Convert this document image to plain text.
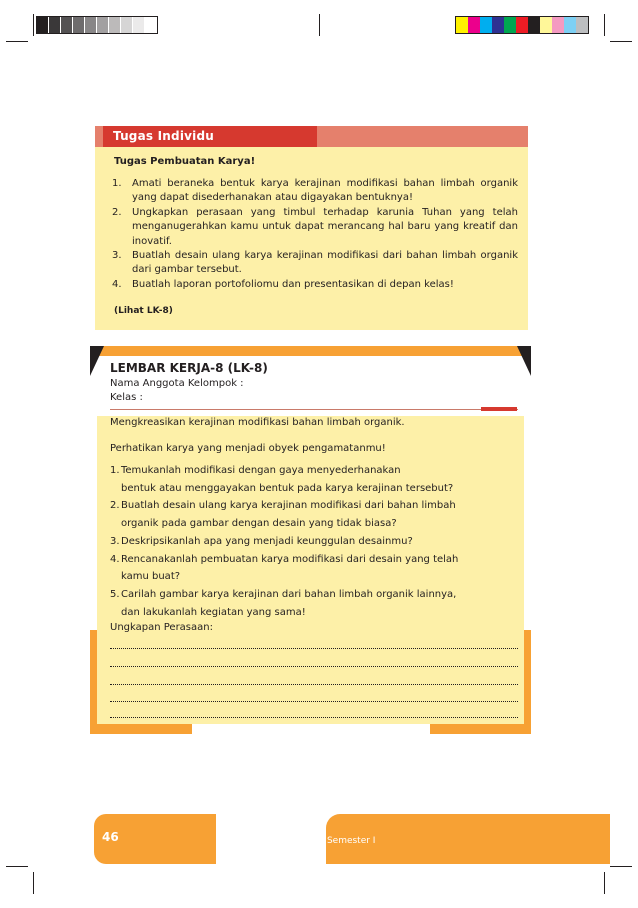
Tugas Individu
Tugas Pembuatan Karya!
1. Amati beraneka bentuk karya kerajinan modifikasi bahan limbah organik yang dapat disederhanakan atau digayakan bentuknya!
2. Ungkapkan perasaan yang timbul terhadap karunia Tuhan yang telah menganugerahkan kamu untuk dapat merancang hal baru yang kreatif dan inovatif.
3. Buatlah desain ulang karya kerajinan modifikasi dari bahan limbah organik dari gambar tersebut.
4. Buatlah laporan portofoliomu dan presentasikan di depan kelas!
(Lihat LK-8)
LEMBAR KERJA-8 (LK-8)
Nama Anggota Kelompok :
Kelas :
Mengkreasikan kerajinan modifikasi bahan limbah organik.
Perhatikan karya yang menjadi obyek pengamatanmu!
1. Temukanlah modifikasi dengan gaya menyederhanakan
bentuk atau menggayakan bentuk pada karya kerajinan tersebut?
2. Buatlah desain ulang karya kerajinan modifikasi dari bahan limbah
organik pada gambar dengan desain yang tidak biasa?
3. Deskripsikanlah apa yang menjadi keunggulan desainmu?
4. Rencanakanlah pembuatan karya modifikasi dari desain yang telah
kamu buat?
5. Carilah gambar karya kerajinan dari bahan limbah organik lainnya,
dan lakukanlah kegiatan yang sama!
Ungkapan Perasaan:
46	Kelas VIII SMP/MTs Semester I
